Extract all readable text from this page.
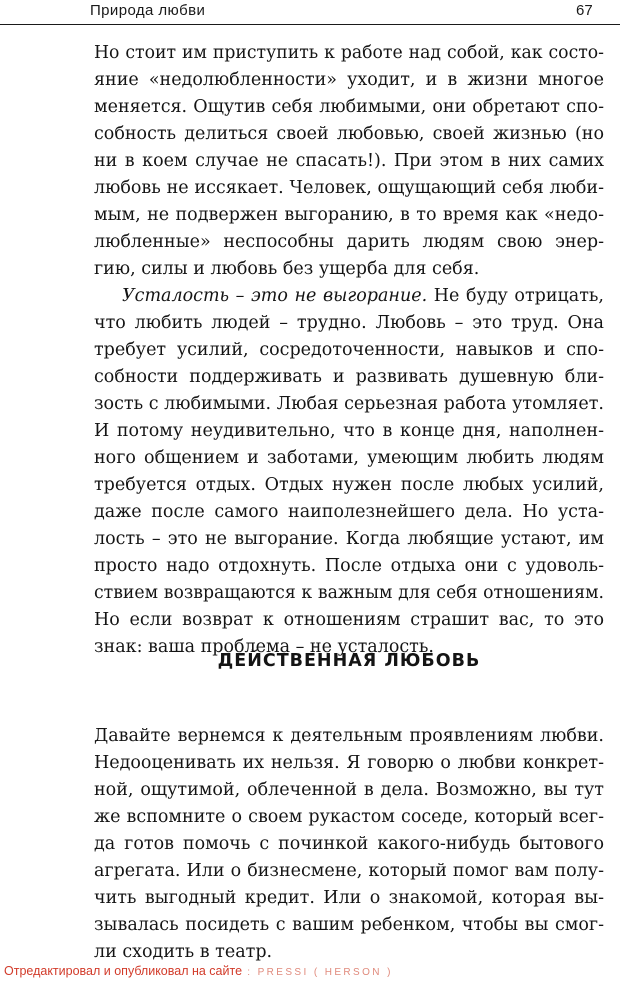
Природа любви	67

Но стоит им приступить к работе над собой, как состо-
яние «недолюбленности» уходит, и в жизни многое
меняется. Ощутив себя любимыми, они обретают спо-
собность делиться своей любовью, своей жизнью (но
ни в коем случае не спасать!). При этом в них самих
любовь не иссякает. Человек, ощущающий себя люби-
мым, не подвержен выгоранию, в то время как «недо-
любленные» неспособны дарить людям свою энер-
гию, силы и любовь без ущерба для себя.

Усталость – это не выгорание. Не буду отрицать,
что любить людей – трудно. Любовь – это труд. Она
требует усилий, сосредоточенности, навыков и спо-
собности поддерживать и развивать душевную бли-
зость с любимыми. Любая серьезная работа утомляет.
И потому неудивительно, что в конце дня, наполнен-
ного общением и заботами, умеющим любить людям
требуется отдых. Отдых нужен после любых усилий,
даже после самого наиполезнейшего дела. Но уста-
лость – это не выгорание. Когда любящие устают, им
просто надо отдохнуть. После отдыха они с удоволь-
ствием возвращаются к важным для себя отношениям.
Но если возврат к отношениям страшит вас, то это
знак: ваша проблема – не усталость.

ДЕЙСТВЕННАЯ ЛЮБОВЬ

Давайте вернемся к деятельным проявлениям любви.
Недооценивать их нельзя. Я говорю о любви конкрет-
ной, ощутимой, облеченной в дела. Возможно, вы тут
же вспомните о своем рукастом соседе, который всег-
да готов помочь с починкой какого-нибудь бытового
агрегата. Или о бизнесмене, который помог вам полу-
чить выгодный кредит. Или о знакомой, которая вы-
зывалась посидеть с вашим ребенком, чтобы вы смог-
ли сходить в театр.

Отредактировал и опубликовал на сайте : PRESSI ( HERSON )
